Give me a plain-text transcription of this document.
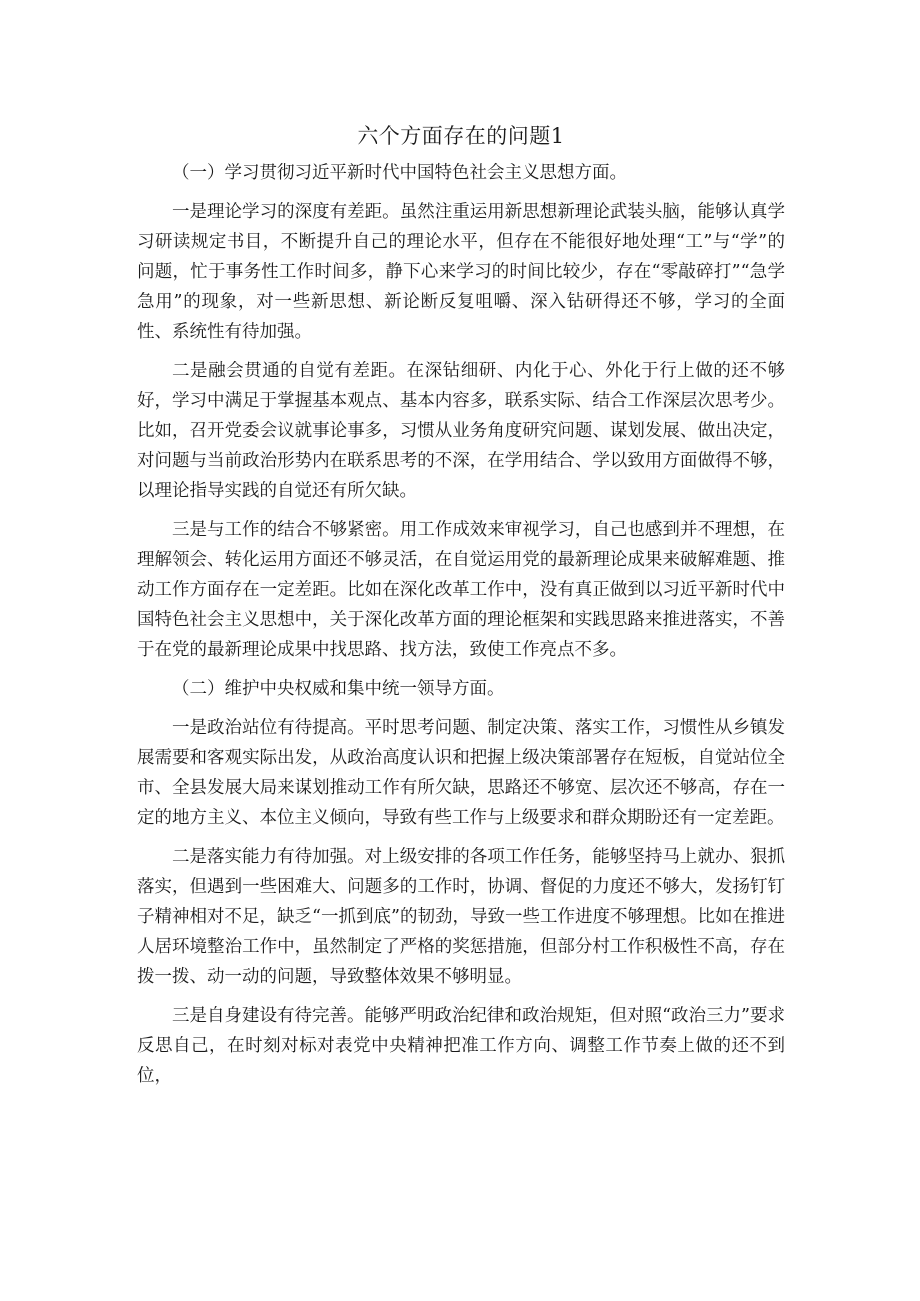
六个方面存在的问题1

（一）学习贯彻习近平新时代中国特色社会主义思想方面。

一是理论学习的深度有差距。虽然注重运用新思想新理论武装头脑，能够认真学习研读规定书目，不断提升自己的理论水平，但存在不能很好地处理“工”与“学”的问题，忙于事务性工作时间多，静下心来学习的时间比较少，存在“零敲碎打”“急学急用”的现象，对一些新思想、新论断反复咀嚼、深入钻研得还不够，学习的全面性、系统性有待加强。

二是融会贯通的自觉有差距。在深钻细研、内化于心、外化于行上做的还不够好，学习中满足于掌握基本观点、基本内容多，联系实际、结合工作深层次思考少。比如，召开党委会议就事论事多，习惯从业务角度研究问题、谋划发展、做出决定，对问题与当前政治形势内在联系思考的不深，在学用结合、学以致用方面做得不够，以理论指导实践的自觉还有所欠缺。

三是与工作的结合不够紧密。用工作成效来审视学习，自己也感到并不理想，在理解领会、转化运用方面还不够灵活，在自觉运用党的最新理论成果来破解难题、推动工作方面存在一定差距。比如在深化改革工作中，没有真正做到以习近平新时代中国特色社会主义思想中，关于深化改革方面的理论框架和实践思路来推进落实，不善于在党的最新理论成果中找思路、找方法，致使工作亮点不多。

（二）维护中央权威和集中统一领导方面。

一是政治站位有待提高。平时思考问题、制定决策、落实工作，习惯性从乡镇发展需要和客观实际出发，从政治高度认识和把握上级决策部署存在短板，自觉站位全市、全县发展大局来谋划推动工作有所欠缺，思路还不够宽、层次还不够高，存在一定的地方主义、本位主义倾向，导致有些工作与上级要求和群众期盼还有一定差距。

二是落实能力有待加强。对上级安排的各项工作任务，能够坚持马上就办、狠抓落实，但遇到一些困难大、问题多的工作时，协调、督促的力度还不够大，发扬钉钉子精神相对不足，缺乏“一抓到底”的韧劲，导致一些工作进度不够理想。比如在推进人居环境整治工作中，虽然制定了严格的奖惩措施，但部分村工作积极性不高，存在拨一拨、动一动的问题，导致整体效果不够明显。

三是自身建设有待完善。能够严明政治纪律和政治规矩，但对照“政治三力”要求反思自己，在时刻对标对表党中央精神把准工作方向、调整工作节奏上做的还不到位，
